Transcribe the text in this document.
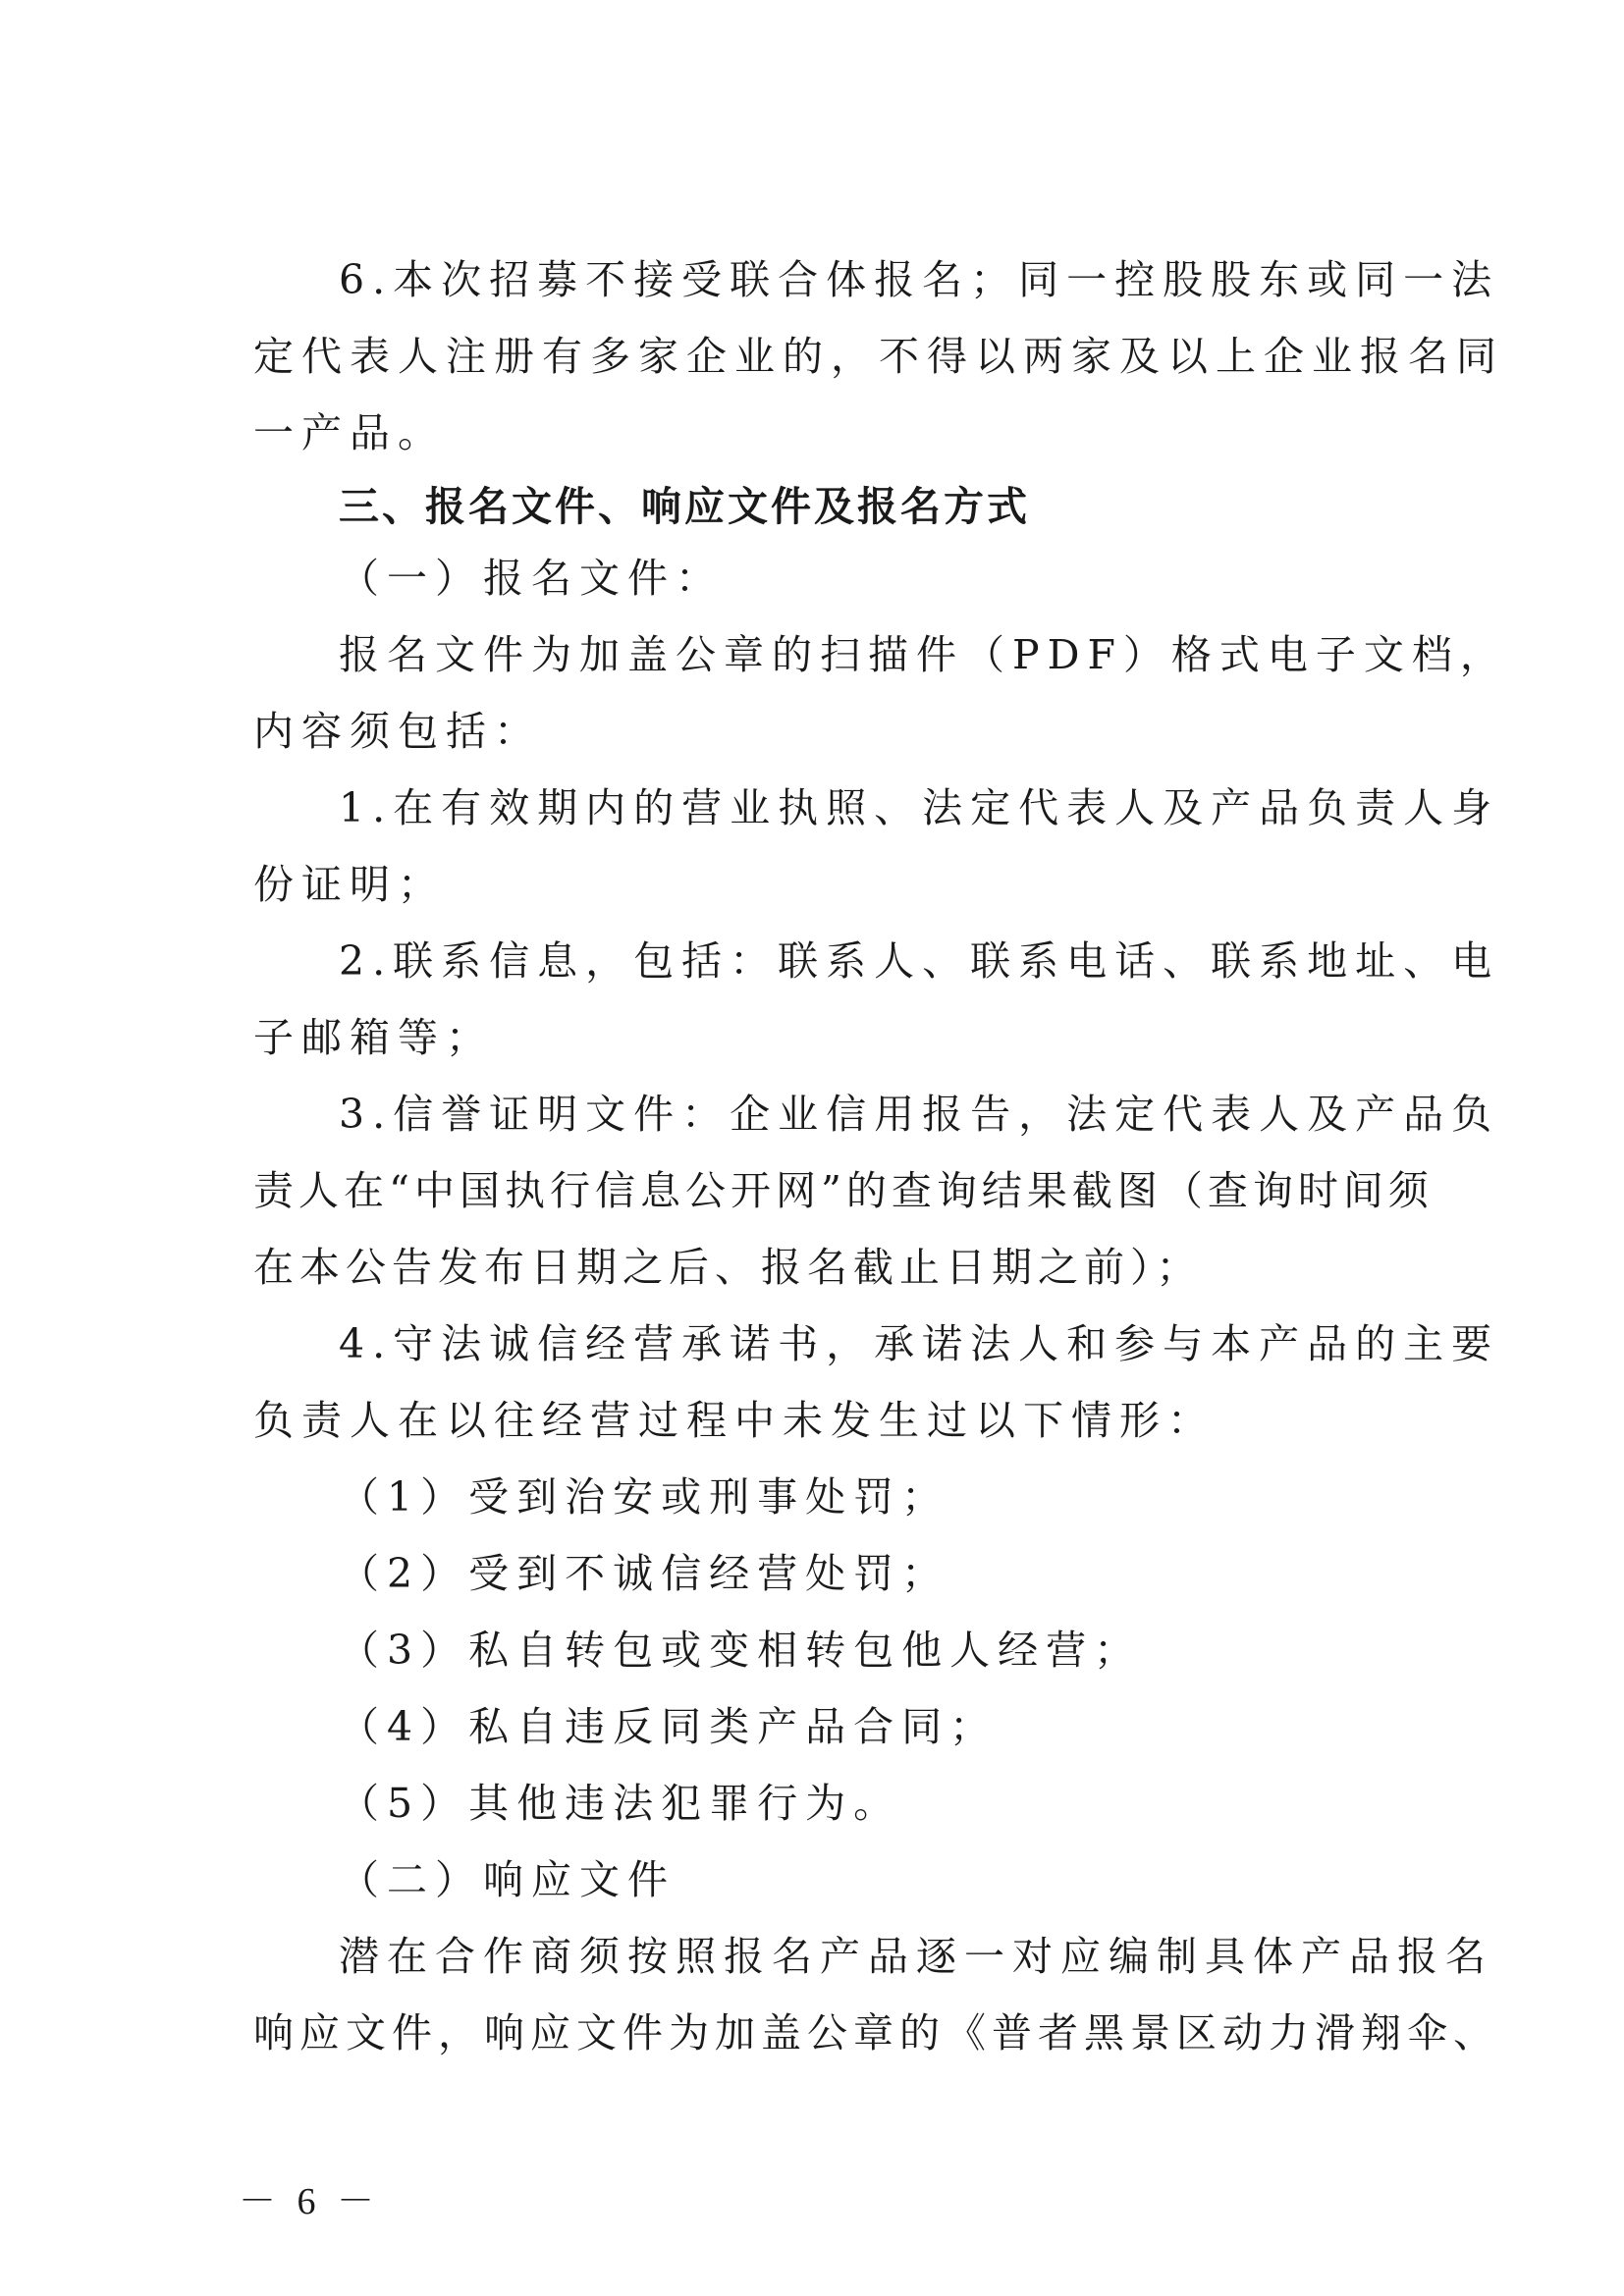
6.本次招募不接受联合体报名；同一控股股东或同一法
定代表人注册有多家企业的，不得以两家及以上企业报名同
一产品。
三、报名文件、响应文件及报名方式
（一）报名文件：
报名文件为加盖公章的扫描件（PDF）格式电子文档，
内容须包括：
1.在有效期内的营业执照、法定代表人及产品负责人身
份证明；
2.联系信息，包括：联系人、联系电话、联系地址、电
子邮箱等；
3.信誉证明文件：企业信用报告，法定代表人及产品负
责人在“中国执行信息公开网”的查询结果截图（查询时间须
在本公告发布日期之后、报名截止日期之前）；
4.守法诚信经营承诺书，承诺法人和参与本产品的主要
负责人在以往经营过程中未发生过以下情形：
（1）受到治安或刑事处罚；
（2）受到不诚信经营处罚；
（3）私自转包或变相转包他人经营；
（4）私自违反同类产品合同；
（5）其他违法犯罪行为。
（二）响应文件
潜在合作商须按照报名产品逐一对应编制具体产品报名
响应文件，响应文件为加盖公章的《普者黑景区动力滑翔伞、
－ 6 －
